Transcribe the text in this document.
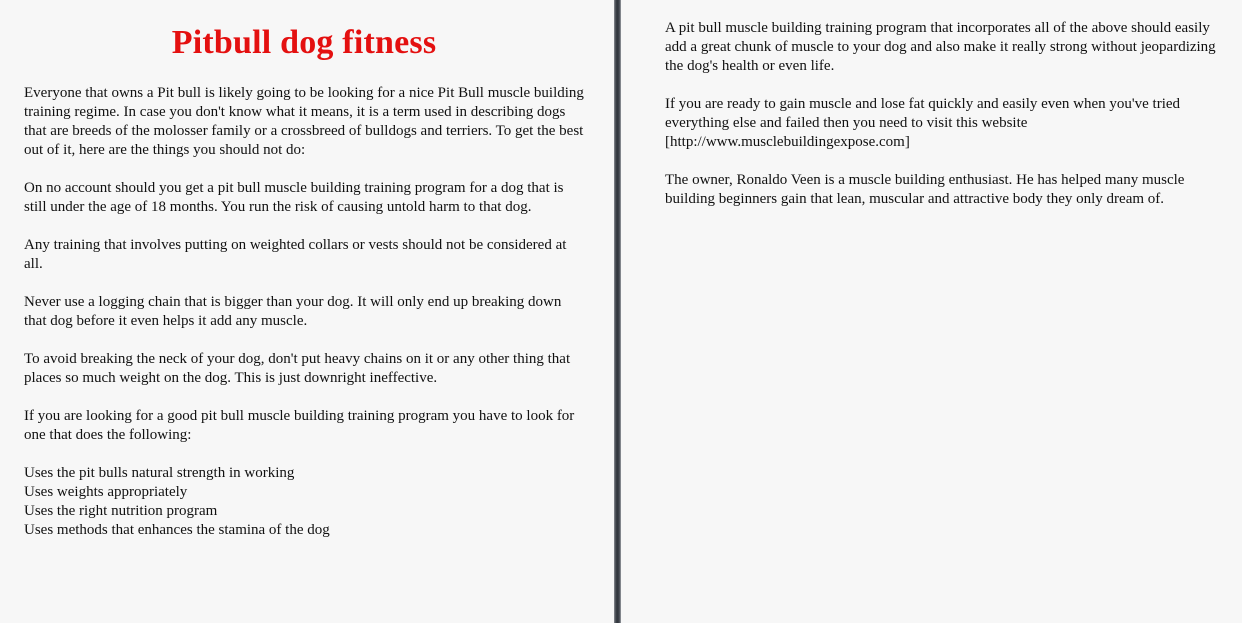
Pitbull dog fitness

Everyone that owns a Pit bull is likely going to be looking for a nice Pit Bull muscle building training regime. In case you don't know what it means, it is a term used in describing dogs that are breeds of the molosser family or a crossbreed of bulldogs and terriers. To get the best out of it, here are the things you should not do:

On no account should you get a pit bull muscle building training program for a dog that is still under the age of 18 months. You run the risk of causing untold harm to that dog.

Any training that involves putting on weighted collars or vests should not be considered at all.

Never use a logging chain that is bigger than your dog. It will only end up breaking down that dog before it even helps it add any muscle.

To avoid breaking the neck of your dog, don't put heavy chains on it or any other thing that places so much weight on the dog. This is just downright ineffective.

If you are looking for a good pit bull muscle building training program you have to look for one that does the following:

Uses the pit bulls natural strength in working
Uses weights appropriately
Uses the right nutrition program
Uses methods that enhances the stamina of the dog

A pit bull muscle building training program that incorporates all of the above should easily add a great chunk of muscle to your dog and also make it really strong without jeopardizing the dog's health or even life.

If you are ready to gain muscle and lose fat quickly and easily even when you've tried everything else and failed then you need to visit this website [http://www.musclebuildingexpose.com]

The owner, Ronaldo Veen is a muscle building enthusiast. He has helped many muscle building beginners gain that lean, muscular and attractive body they only dream of.
